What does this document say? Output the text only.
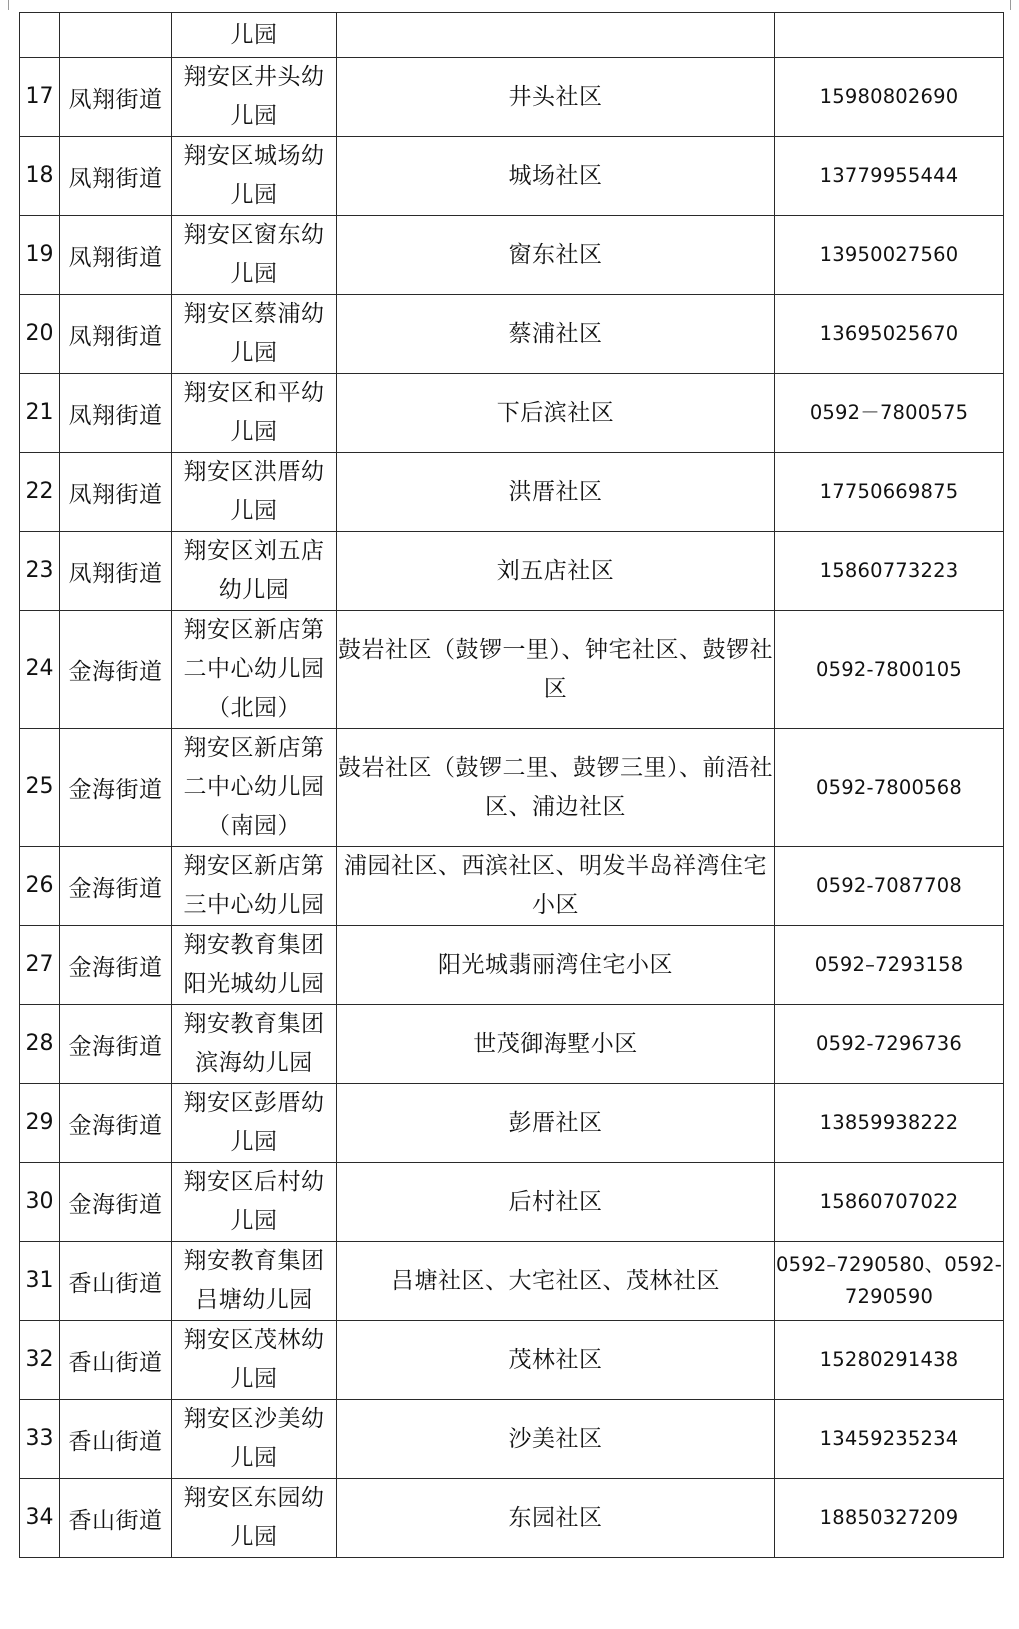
		儿园		
17	凤翔街道	翔安区井头幼儿园	井头社区	15980802690
18	凤翔街道	翔安区城场幼儿园	城场社区	13779955444
19	凤翔街道	翔安区窗东幼儿园	窗东社区	13950027560
20	凤翔街道	翔安区蔡浦幼儿园	蔡浦社区	13695025670
21	凤翔街道	翔安区和平幼儿园	下后滨社区	0592－7800575
22	凤翔街道	翔安区洪厝幼儿园	洪厝社区	17750669875
23	凤翔街道	翔安区刘五店幼儿园	刘五店社区	15860773223
24	金海街道	翔安区新店第二中心幼儿园（北园）	鼓岩社区（鼓锣一里）、钟宅社区、鼓锣社区	0592-7800105
25	金海街道	翔安区新店第二中心幼儿园（南园）	鼓岩社区（鼓锣二里、鼓锣三里）、前浯社区、浦边社区	0592-7800568
26	金海街道	翔安区新店第三中心幼儿园	浦园社区、西滨社区、明发半岛祥湾住宅小区	0592-7087708
27	金海街道	翔安教育集团阳光城幼儿园	阳光城翡丽湾住宅小区	0592–7293158
28	金海街道	翔安教育集团滨海幼儿园	世茂御海墅小区	0592-7296736
29	金海街道	翔安区彭厝幼儿园	彭厝社区	13859938222
30	金海街道	翔安区后村幼儿园	后村社区	15860707022
31	香山街道	翔安教育集团吕塘幼儿园	吕塘社区、大宅社区、茂林社区	0592–7290580、0592-7290590
32	香山街道	翔安区茂林幼儿园	茂林社区	15280291438
33	香山街道	翔安区沙美幼儿园	沙美社区	13459235234
34	香山街道	翔安区东园幼儿园	东园社区	18850327209
